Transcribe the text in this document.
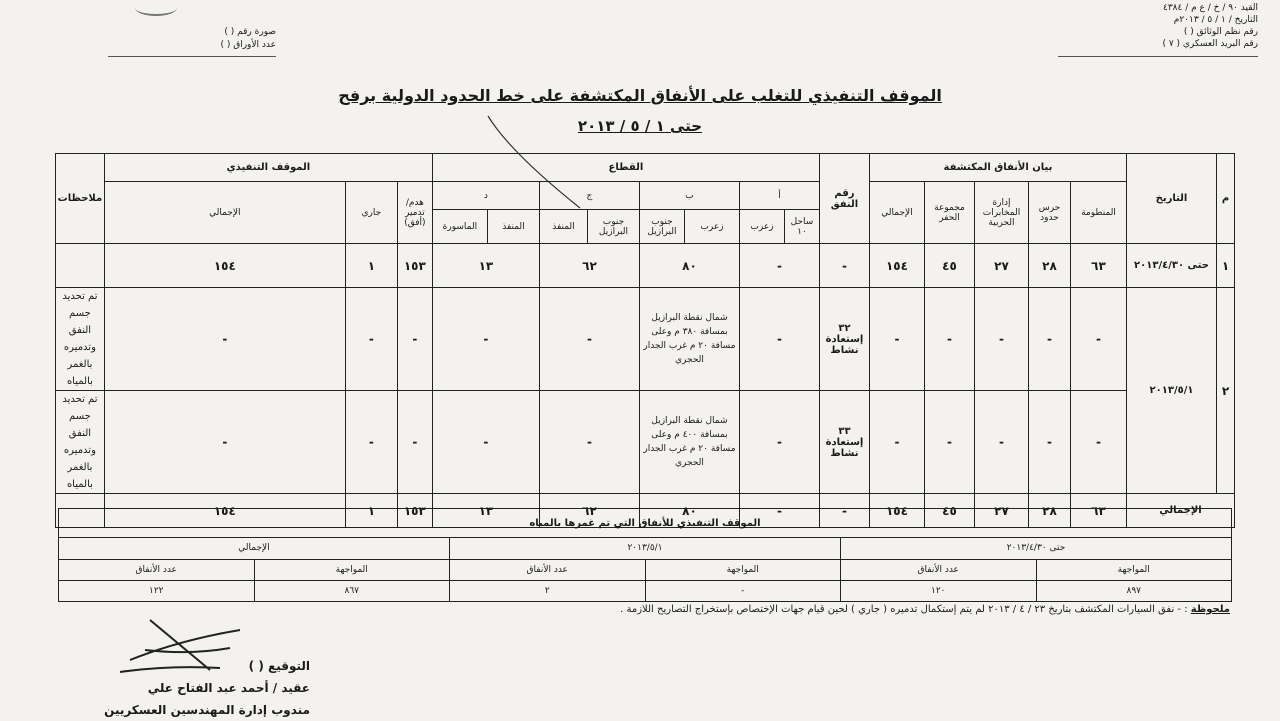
صورة رقم ( )
عدد الأوراق ( )
القيد ٩٠ / خ / ع م / ٤٣٨٤
التاريخ / ١ / ٥ / ٢٠١٣م
رقم نظم الوثائق ( )
رقم البريد العسكري ( ٧ )
الموقف التنفيذي للتغلب على الأنفاق المكتشفة على خط الحدود الدولية برفح
حتى ١ / ٥ / ٢٠١٣
م	التاريخ	بيان الأنفاق المكتشفة					رقم النفق	القطاع								الموقف التنفيذي			ملاحظات
		المنطومة	حرس حدود	إدارة المخابرات الحربية	مجموعة الحفر	الإجمالي		أ		ب		ج		د		هدم/تدمير (أفق)	جاري	الإجمالي	
								ساحل ١٠	زعرب	زعرب	جنوب البرازيل	جنوب البرازيل	المنفذ	المنفذ	الماسورة				
١	حتى ٢٠١٣/٤/٣٠	٦٣	٢٨	٢٧	٤٥	١٥٤	-	-		٨٠		٦٢		١٣		١٥٣	١	١٥٤	
٢	٢٠١٣/٥/١	-	-	-	-	-	٣٢ إستعادة نشاط	-		شمال نقطة البرازيل بمسافة ٣٨٠ م وعلى مسافة ٢٠ م غرب الجدار الحجري		-		-		-	-	-	تم تحديد جسم النفق وتدميره بالغمر بالمياه
		-	-	-	-	-	٣٣ إستعادة نشاط	-		شمال نقطة البرازيل بمسافة ٤٠٠ م وعلى مسافة ٢٠ م غرب الجدار الحجري		-		-		-	-	-	تم تحديد جسم النفق وتدميره بالغمر بالمياه
الإجمالي		٦٣	٢٨	٢٧	٤٥	١٥٤	-	-		٨٠		٦٢		١٣		١٥٣	١	١٥٤	
الموقف التنفيذي للأنفاق التي تم غمرها بالمياه					
حتى ٢٠١٣/٤/٣٠		٢٠١٣/٥/١		الإجمالي	
المواجهة	عدد الأنفاق	المواجهة	عدد الأنفاق	المواجهة	عدد الأنفاق
٨٩٧	١٢٠	-	٢	٨٦٧	١٢٢
ملحوظة : - نفق السيارات المكتشف بتاريخ ٢٣ / ٤ / ٢٠١٣ لم يتم إستكمال تدميره ( جاري ) لحين قيام جهات الإختصاص بإستخراج التصاريح اللازمة .
التوقيع ( )
عقيد / أحمد عبد الفتاح علي
مندوب إدارة المهندسين العسكريين
